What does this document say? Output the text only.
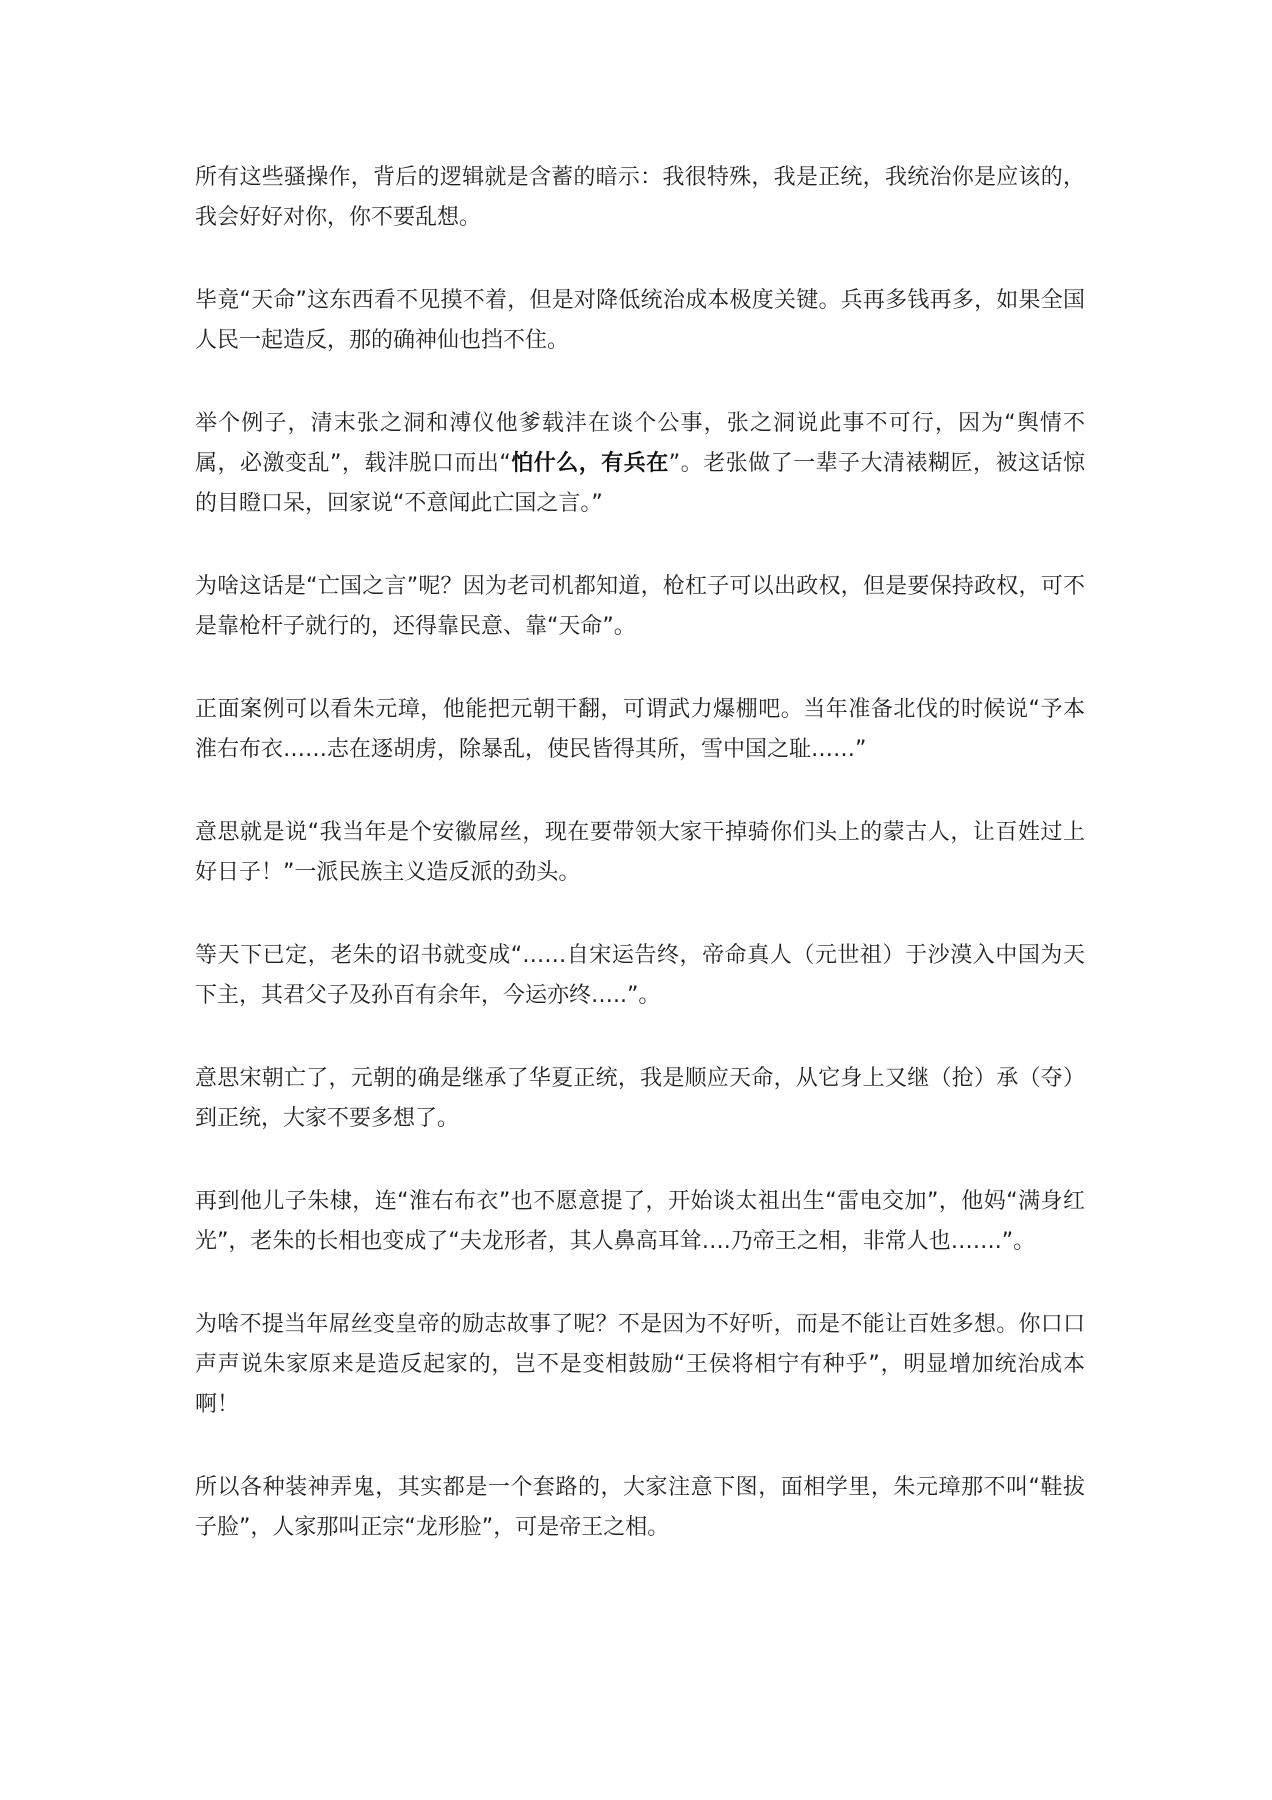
所有这些骚操作，背后的逻辑就是含蓄的暗示：我很特殊，我是正统，我统治你是应该的，我会好好对你，你不要乱想。

毕竟“天命”这东西看不见摸不着，但是对降低统治成本极度关键。兵再多钱再多，如果全国人民一起造反，那的确神仙也挡不住。

举个例子，清末张之洞和溥仪他爹载沣在谈个公事，张之洞说此事不可行，因为“舆情不属，必激变乱”，载沣脱口而出“怕什么，有兵在”。老张做了一辈子大清裱糊匠，被这话惊的目瞪口呆，回家说“不意闻此亡国之言。”

为啥这话是“亡国之言”呢？因为老司机都知道，枪杠子可以出政权，但是要保持政权，可不是靠枪杆子就行的，还得靠民意、靠“天命”。

正面案例可以看朱元璋，他能把元朝干翻，可谓武力爆棚吧。当年准备北伐的时候说“予本淮右布衣……志在逐胡虏，除暴乱，使民皆得其所，雪中国之耻……”

意思就是说“我当年是个安徽屌丝，现在要带领大家干掉骑你们头上的蒙古人，让百姓过上好日子！”一派民族主义造反派的劲头。

等天下已定，老朱的诏书就变成“……自宋运告终，帝命真人（元世祖）于沙漠入中国为天下主，其君父子及孙百有余年，今运亦终…..”。

意思宋朝亡了，元朝的确是继承了华夏正统，我是顺应天命，从它身上又继（抢）承（夺）到正统，大家不要多想了。

再到他儿子朱棣，连“淮右布衣”也不愿意提了，开始谈太祖出生“雷电交加”，他妈“满身红光”，老朱的长相也变成了“夫龙形者，其人鼻高耳耸….乃帝王之相，非常人也…….”。

为啥不提当年屌丝变皇帝的励志故事了呢？不是因为不好听，而是不能让百姓多想。你口口声声说朱家原来是造反起家的，岂不是变相鼓励“王侯将相宁有种乎”，明显增加统治成本啊！

所以各种装神弄鬼，其实都是一个套路的，大家注意下图，面相学里，朱元璋那不叫“鞋拔子脸”，人家那叫正宗“龙形脸”，可是帝王之相。
